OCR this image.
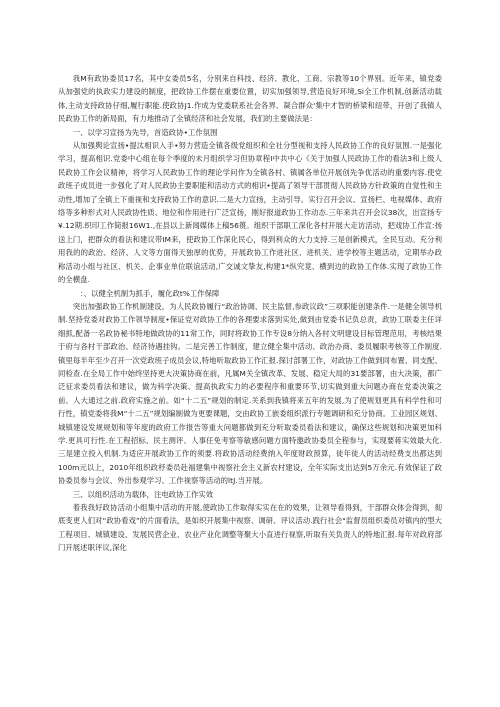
我M有政协委员17名，其中女委员5名，分别来自科技、经济、教化、工商、宗教等10个界别。近年来，镇党委从加强党的执政实力建设的制度，把政协工作摆在重要位置，切实加强领导,营造良好环境,Si全工作机制,创新活动载体,主动支持政协仔细,履行职能.使政协J1.作成为党委联系社会各界、凝合群众'集中才智的桥梁和纽带，开创了我镇人民政协工作的新局面，有力地推动了全镇经济和社会发展，我们的主要做法是：

一、以学习宣扬为先导，首造政协•工作氛围

从加强舆论宣扬•提汰相识入手•努力营造全镇各级党组织和全社分型视和支持人民政协工作的良好氛围.一是强化学习，提高相识.党委中心组在每个季度的未月组织学习但协章程I中共中心《关于加强人民政协工作的看法3和上级人民政协工作会议精神，将学习人民政协工作的理论学问作为全镇各村、镇属各单位开展创先争优活动的重要内容.使党政班子成员进一步强化了对人民政协主要职能和活动方式的相识•提高了领导干部贯彻人民政协方针政策的自觉性和主动性,增加了全镇上下重视和支持政协工作的意识.二是大力宣扬，主动引导。实行召开会议、宣扬栏、电视媒体、政府络等多种形式对人民政协性质、地位和作用进行广泛宣扬，刚好报道政协工作动态.三年来共召开会议38次，出宣扬专¥.12期.织印工作简报16W1.,在县以上新闻媒体上稿56篑。组织干部职工深化各村开展大走访活动，把戏协工作宣:扬送上门，把群众的看法和建议带IM来，使政协工作深化民心，得到利众的大力支持.三是创新模式，全民互动。充分利用我的的政治、经济、人文等方面得天独厚的优势，开展政协工作进社区、进机关、进学校等主题活动，定期举办政称活动小组与社区、机关、企事业单位联谊活动,广交诚文挚友,构建1*纵究竟、横到边的政协工作体.实现了政协工作的全横盘.

：、以健全机制为抓手，履化政t%工作保障

突出加强政协工作机制建设，为人民政协履行“政治协调、民主监督,参政议政”三项职能创建条件.一是健全领导机制.坚持党委对政协工作领导制度•保证党对政协工作的各理要求落到实处,做到由党委书记负总责，政协工联委主任详细抓,配备一名政协秘书特地做政协的11常工作，同时将政协工作专设8分纳入各村文明建设目标管理范用，考核结果于府与各村干部政治、经济待遇挂钩。二是完善工作制度，建立健全集中活动、政治办商、委员履职考核等工作制度.镇里每半年至少召开一次党政班子成员会议,特地听取政协工作汇报.探讨部署工作，对政协工作做到同布置、同支配、同检查.在全局工作中始终坚持更大决策协商在前，凡属M关全镇改革、发展、稳定大局的31要部署，由大决策，都广泛征求委员看法和建议，做为科学决策、提高执政实力的必要程序和重要环节,切实做到重大问题办商在党委决策之前、人大通过之前.政府实施之前。如“十二五”规划的制定.关系到我镇将来五年的发展,为了使规划更具有科学性和可行性，镇党委将我M“十二五”规划编制做为更要课题，交由政协工嵌委组织派行专题调研和充分协商。工业园区规划、城镇建设发规规划和等年度的政府工作报告等重大问题都做到充分听取委员看法和建议，确保这些规划和决策更加科学.更具可行性.在工程招标、民主测评、人事任免考察等敏感问题方面特邀政协委员全程参与，实现要蒋实效最大化.三是建立投入机制.为适应开展政协工作的须要.将政协活动经费纳入年度财政预算，徒年徒人的活动经费支出都达到100m元以上，2010年组织政杼委员赴福建集中视察社会主义新农村建设，全年实际支出达到5万余元.有效保证了政协委员参与会议、外出参观学习、工作视察等活动的ltJ.当开展。

三、以组织活动为载体，注电政协工作实效

着我我好政协活动小组集中活动的开展,使政协工作取得实实在在的效果，让领导看得到，干部群众体会得到，彻底变更人们对“政协看戏”的片面看法，是如织开展集中视察、调研、评议活动.践行社会"监督员组织委员对镇内的型大工程项目、城镇建设、发展民营企业、农业产业化调整等聚大小直进行视察,听取有关负责人的特地汇报.每年对政府部门开展述职评议,深化
